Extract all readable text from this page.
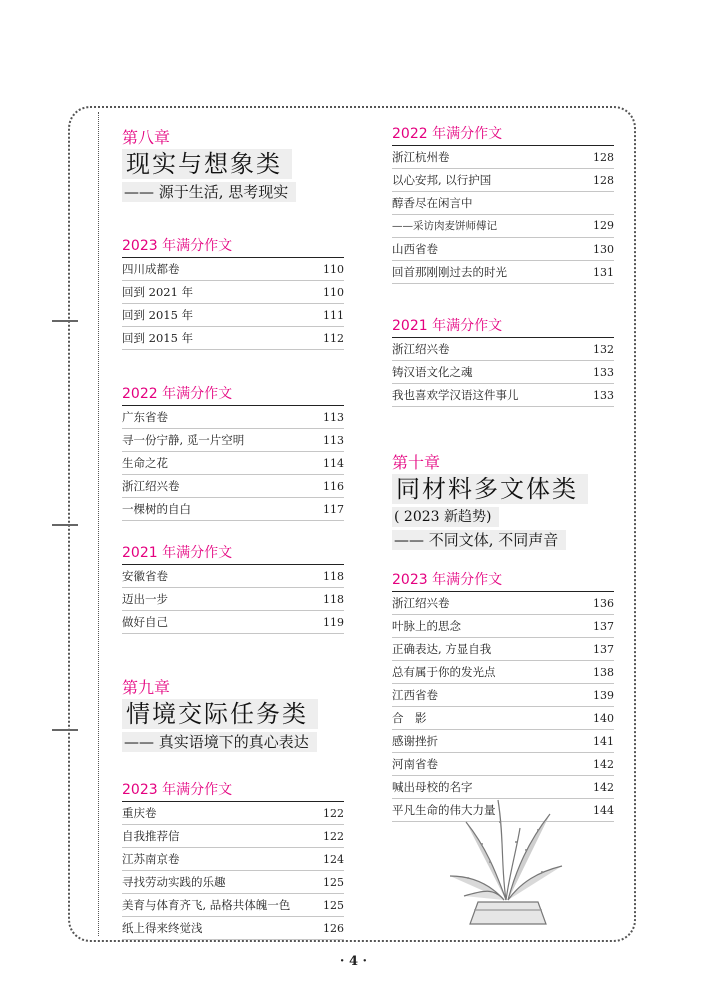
第八章
现实与想象类
—— 源于生活, 思考现实
2023 年满分作文
四川成都卷	110
回到 2021 年	110
回到 2015 年	111
回到 2015 年	112
2022 年满分作文
广东省卷	113
寻一份宁静, 觅一片空明	113
生命之花	114
浙江绍兴卷	116
一棵树的自白	117
2021 年满分作文
安徽省卷	118
迈出一步	118
做好自己	119
第九章
情境交际任务类
—— 真实语境下的真心表达
2023 年满分作文
重庆卷	122
自我推荐信	122
江苏南京卷	124
寻找劳动实践的乐趣	125
美育与体育齐飞, 品格共体魄一色	125
纸上得来终觉浅	126
2022 年满分作文
浙江杭州卷	128
以心安邦, 以行护国	128
醇香尽在闲言中
——采访肉麦饼师傅记	129
山西省卷	130
回首那刚刚过去的时光	131
2021 年满分作文
浙江绍兴卷	132
铸汉语文化之魂	133
我也喜欢学汉语这件事儿	133
第十章
同材料多文体类 ( 2023 新趋势)
—— 不同文体, 不同声音
2023 年满分作文
浙江绍兴卷	136
叶脉上的思念	137
正确表达, 方显自我	137
总有属于你的发光点	138
江西省卷	139
合　影	140
感谢挫折	141
河南省卷	142
喊出母校的名字	142
平凡生命的伟大力量	144
· 4 ·
